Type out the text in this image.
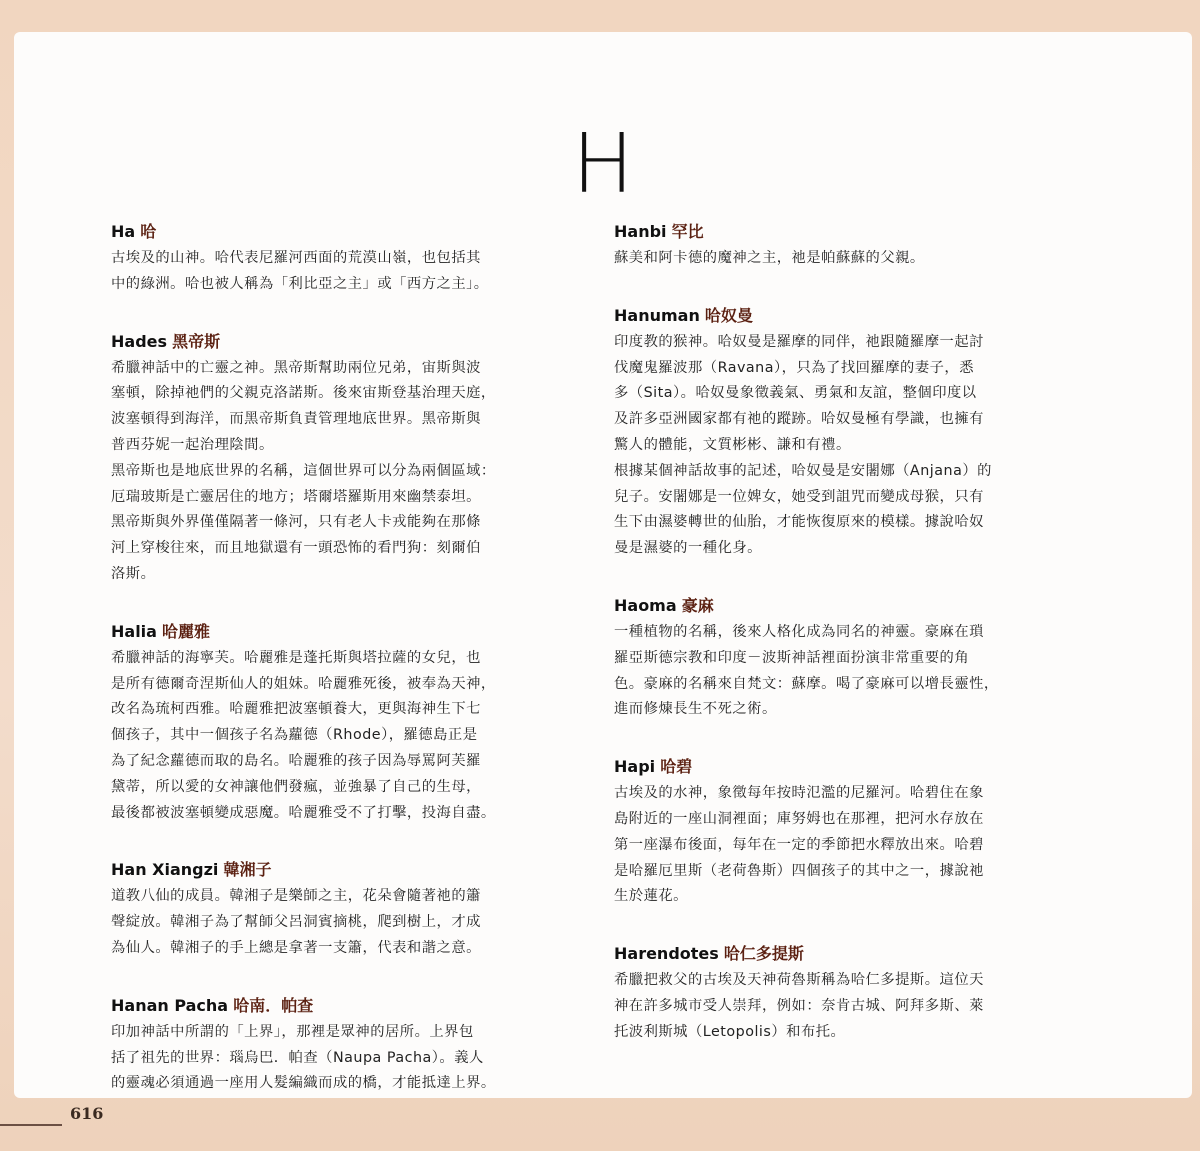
H
Ha 哈

古埃及的山神。哈代表尼羅河西面的荒漠山嶺，也包括其
中的綠洲。哈也被人稱為「利比亞之主」或「西方之主」。

Hades 黑帝斯

希臘神話中的亡靈之神。黑帝斯幫助兩位兄弟，宙斯與波
塞頓，除掉祂們的父親克洛諾斯。後來宙斯登基治理天庭，
波塞頓得到海洋，而黑帝斯負責管理地底世界。黑帝斯與
普西芬妮一起治理陰間。

黑帝斯也是地底世界的名稱，這個世界可以分為兩個區域：
厄瑞玻斯是亡靈居住的地方；塔爾塔羅斯用來幽禁泰坦。
黑帝斯與外界僅僅隔著一條河，只有老人卡戎能夠在那條
河上穿梭往來，而且地獄還有一頭恐怖的看門狗：刻爾伯
洛斯。

Halia 哈麗雅

希臘神話的海寧芙。哈麗雅是蓬托斯與塔拉薩的女兒，也
是所有德爾奇涅斯仙人的姐妹。哈麗雅死後，被奉為天神，
改名為琉柯西雅。哈麗雅把波塞頓養大，更與海神生下七
個孩子，其中一個孩子名為蘿德（Rhode），羅德島正是
為了紀念蘿德而取的島名。哈麗雅的孩子因為辱罵阿芙羅
黛蒂，所以愛的女神讓他們發瘋，並強暴了自己的生母，
最後都被波塞頓變成惡魔。哈麗雅受不了打擊，投海自盡。

Han Xiangzi 韓湘子

道教八仙的成員。韓湘子是樂師之主，花朵會隨著祂的簫
聲綻放。韓湘子為了幫師父呂洞賓摘桃，爬到樹上，才成
為仙人。韓湘子的手上總是拿著一支簫，代表和諧之意。

Hanan Pacha 哈南．帕查

印加神話中所謂的「上界」，那裡是眾神的居所。上界包
括了祖先的世界：瑙烏巴．帕查（Naupa Pacha）。義人
的靈魂必須通過一座用人髮編織而成的橋，才能抵達上界。

Hanbi 罕比

蘇美和阿卡德的魔神之主，祂是帕蘇蘇的父親。

Hanuman 哈奴曼

印度教的猴神。哈奴曼是羅摩的同伴，祂跟隨羅摩一起討
伐魔鬼羅波那（Ravana），只為了找回羅摩的妻子，悉
多（Sita）。哈奴曼象徵義氣、勇氣和友誼，整個印度以
及許多亞洲國家都有祂的蹤跡。哈奴曼極有學識，也擁有
驚人的體能，文質彬彬、謙和有禮。

根據某個神話故事的記述，哈奴曼是安闍娜（Anjana）的
兒子。安闍娜是一位婢女，她受到詛咒而變成母猴，只有
生下由濕婆轉世的仙胎，才能恢復原來的模樣。據說哈奴
曼是濕婆的一種化身。

Haoma 豪麻

一種植物的名稱，後來人格化成為同名的神靈。豪麻在瑣
羅亞斯德宗教和印度－波斯神話裡面扮演非常重要的角
色。豪麻的名稱來自梵文：蘇摩。喝了豪麻可以增長靈性，
進而修煉長生不死之術。

Hapi 哈碧

古埃及的水神，象徵每年按時氾濫的尼羅河。哈碧住在象
島附近的一座山洞裡面；庫努姆也在那裡，把河水存放在
第一座瀑布後面，每年在一定的季節把水釋放出來。哈碧
是哈羅厄里斯（老荷魯斯）四個孩子的其中之一，據說祂
生於蓮花。

Harendotes 哈仁多提斯

希臘把救父的古埃及天神荷魯斯稱為哈仁多提斯。這位天
神在許多城市受人崇拜，例如：奈肯古城、阿拜多斯、萊
托波利斯城（Letopolis）和布托。

616
